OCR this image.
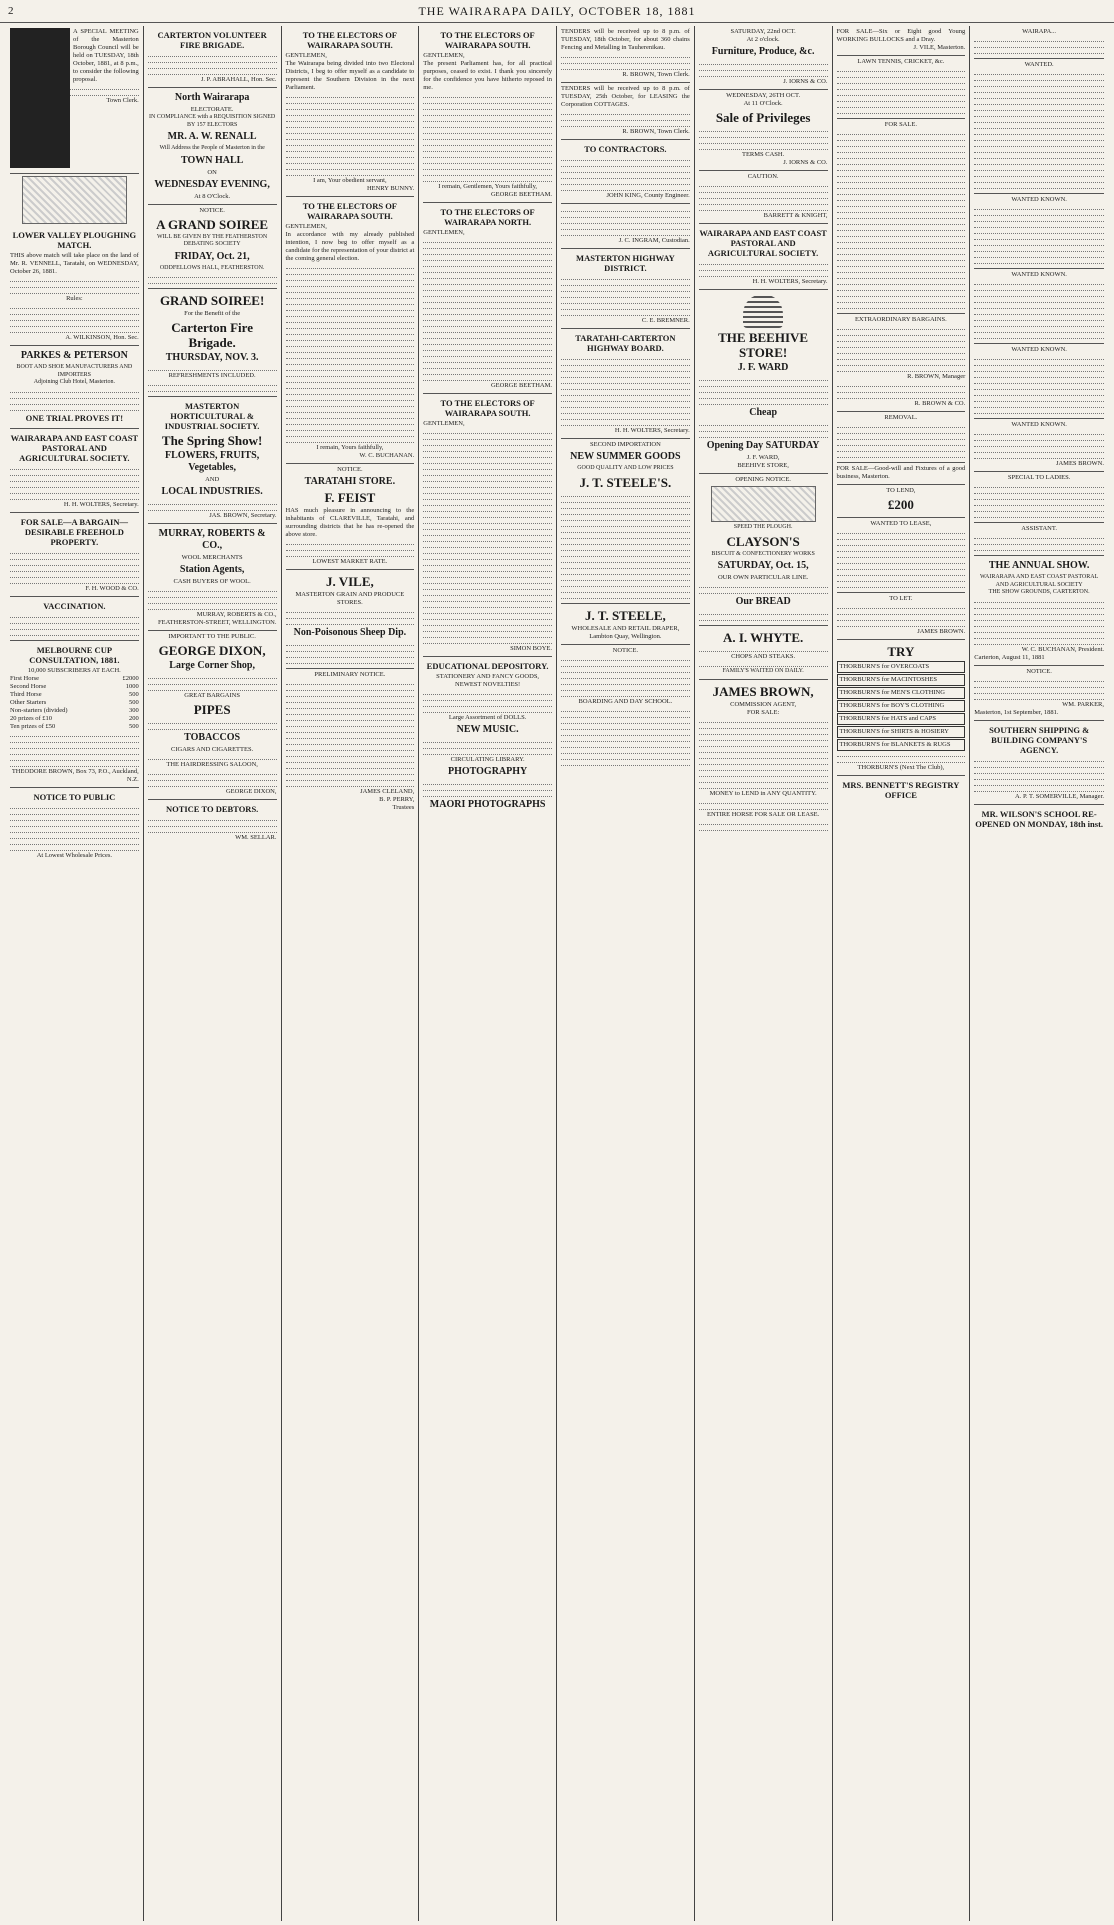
2	THE WAIRARAPA DAILY, OCTOBER 18, 1881
A SPECIAL MEETING of the Masterton Borough Council will be held on TUESDAY, 18th October, 1881, at 8 p.m., to consider the following proposal.
Town Clerk.
LOWER VALLEY PLOUGHING MATCH.
THIS above match will take place on the land of Mr. R. VENNELL, Taratahi, on WEDNESDAY, October 26, 1881.
Rules:
A. WILKINSON, Hon. Sec.
PARKES & PETERSON
BOOT AND SHOE MANUFACTURERS AND IMPORTERS
Adjoining Club Hotel, Masterton.
ONE TRIAL PROVES IT!
WAIRARAPA AND EAST COAST PASTORAL AND AGRICULTURAL SOCIETY.
H. H. WOLTERS, Secretary.
FOR SALE—A BARGAIN—DESIRABLE FREEHOLD PROPERTY.
F. H. WOOD & CO.
VACCINATION.
MELBOURNE CUP CONSULTATION, 1881.
10,000 SUBSCRIBERS AT EACH.
First Horse	£2000
Second Horse	1000
Third Horse	500
Other Starters	500
Non-starters (divided)	300
20 prizes of £10	200
Ten prizes of £50	500
THEODORE BROWN, Box 73, P.O., Auckland, N.Z.
NOTICE TO PUBLIC
At Lowest Wholesale Prices.
CARTERTON VOLUNTEER FIRE BRIGADE.
J. P. ABRAHALL, Hon. Sec.
North Wairarapa
ELECTORATE.
IN COMPLIANCE with a REQUISITION SIGNED BY 157 ELECTORS
MR. A. W. RENALL
Will Address the People of Masterton in the
TOWN HALL
ON
WEDNESDAY EVENING,
At 8 O'Clock.
NOTICE.
A GRAND SOIREE
WILL BE GIVEN BY THE FEATHERSTON DEBATING SOCIETY
FRIDAY, Oct. 21,
ODDFELLOWS HALL, FEATHERSTON.
GRAND SOIREE!
For the Benefit of the
Carterton Fire Brigade.
THURSDAY, NOV. 3.
REFRESHMENTS INCLUDED.
MASTERTON HORTICULTURAL & INDUSTRIAL SOCIETY.
The Spring Show!
FLOWERS, FRUITS, Vegetables,
AND
LOCAL INDUSTRIES.
JAS. BROWN, Secretary.
MURRAY, ROBERTS & CO.,
WOOL MERCHANTS
Station Agents,
CASH BUYERS OF WOOL.
MURRAY, ROBERTS & CO., FEATHERSTON-STREET, WELLINGTON.
IMPORTANT TO THE PUBLIC.
GEORGE DIXON,
Large Corner Shop,
GREAT BARGAINS
PIPES
TOBACCOS
CIGARS AND CIGARETTES.
THE HAIRDRESSING SALOON,
GEORGE DIXON,
NOTICE TO DEBTORS.
WM. SELLAR.
TO THE ELECTORS OF WAIRARAPA SOUTH.
GENTLEMEN,
The Wairarapa being divided into two Electoral Districts, I beg to offer myself as a candidate to represent the Southern Division in the next Parliament.
I am, Your obedient servant,
HENRY BUNNY.
TO THE ELECTORS OF WAIRARAPA SOUTH.
GENTLEMEN,
In accordance with my already published intention, I now beg to offer myself as a candidate for the representation of your district at the coming general election.
I remain, Yours faithfully,
W. C. BUCHANAN.
NOTICE.
TARATAHI STORE.
F. FEIST
HAS much pleasure in announcing to the inhabitants of CLAREVILLE, Taratahi, and surrounding districts that he has re-opened the above store.
LOWEST MARKET RATE.
J. VILE,
MASTERTON GRAIN AND PRODUCE STORES.
Non-Poisonous Sheep Dip.
PRELIMINARY NOTICE.
JAMES CLELAND,
B. P. PERRY,
Trustees
TO THE ELECTORS OF WAIRARAPA SOUTH.
GENTLEMEN,
The present Parliament has, for all practical purposes, ceased to exist. I thank you sincerely for the confidence you have hitherto reposed in me.
I remain, Gentlemen, Yours faithfully,
GEORGE BEETHAM.
TO THE ELECTORS OF WAIRARAPA NORTH.
GENTLEMEN,
GEORGE BEETHAM.
TO THE ELECTORS OF WAIRARAPA SOUTH.
GENTLEMEN,
SIMON BOYE.
EDUCATIONAL DEPOSITORY.
STATIONERY AND FANCY GOODS,
NEWEST NOVELTIES!
Large Assortment of DOLLS.
NEW MUSIC.
CIRCULATING LIBRARY.
PHOTOGRAPHY
MAORI PHOTOGRAPHS
TENDERS will be received up to 8 p.m. of TUESDAY, 18th October, for about 360 chains Fencing and Metalling in Tauherenikau.
R. BROWN, Town Clerk.
TENDERS will be received up to 8 p.m. of TUESDAY, 25th October, for LEASING the Corporation COTTAGES.
R. BROWN, Town Clerk.
TO CONTRACTORS.
JOHN KING, County Engineer.
J. C. INGRAM, Custodian.
MASTERTON HIGHWAY DISTRICT.
C. E. BREMNER.
TARATAHI-CARTERTON HIGHWAY BOARD.
H. H. WOLTERS, Secretary.
SECOND IMPORTATION
NEW SUMMER GOODS
GOOD QUALITY AND LOW PRICES
J. T. STEELE'S.
J. T. STEELE,
WHOLESALE AND RETAIL DRAPER,
Lambton Quay, Wellington.
NOTICE.
BOARDING AND DAY SCHOOL.
SATURDAY, 22nd OCT.
At 2 o'clock.
Furniture, Produce, &c.
J. IORNS & CO.
WEDNESDAY, 26TH OCT.
At 11 O'Clock.
Sale of Privileges
TERMS CASH.
J. IORNS & CO.
CAUTION.
BARRETT & KNIGHT,
WAIRARAPA AND EAST COAST PASTORAL AND AGRICULTURAL SOCIETY.
H. H. WOLTERS, Secretary.
THE BEEHIVE STORE!
J. F. WARD
Cheap
Opening Day SATURDAY
J. F. WARD,
BEEHIVE STORE,
OPENING NOTICE.
SPEED THE PLOUGH.
CLAYSON'S
BISCUIT & CONFECTIONERY WORKS
SATURDAY, Oct. 15,
OUR OWN PARTICULAR LINE.
Our BREAD
A. I. WHYTE.
CHOPS AND STEAKS.
FAMILY'S WAITED ON DAILY.
JAMES BROWN,
COMMISSION AGENT,
FOR SALE:
MONEY to LEND in ANY QUANTITY.
ENTIRE HORSE FOR SALE OR LEASE.
FOR SALE—Six or Eight good Young WORKING BULLOCKS and a Dray.
J. VILE, Masterton.
LAWN TENNIS, CRICKET, &c.
FOR SALE.
EXTRAORDINARY BARGAINS.
R. BROWN, Manager
R. BROWN & CO.
REMOVAL.
FOR SALE—Good-will and Fixtures of a good business, Masterton.
TO LEND,
£200
WANTED TO LEASE,
TO LET.
JAMES BROWN.
TRY
THORBURN'S for OVERCOATS
THORBURN'S for MACINTOSHES
THORBURN'S for MEN'S CLOTHING
THORBURN'S for BOY'S CLOTHING
THORBURN'S for HATS and CAPS
THORBURN'S for SHIRTS & HOSIERY
THORBURN'S for BLANKETS & RUGS
THORBURN'S (Next The Club),
MRS. BENNETT'S REGISTRY OFFICE
WAIRAPA...
WANTED.
WANTED KNOWN.
WANTED KNOWN.
WANTED KNOWN.
WANTED KNOWN.
JAMES BROWN.
SPECIAL TO LADIES.
ASSISTANT.
THE ANNUAL SHOW.
WAIRARAPA AND EAST COAST PASTORAL AND AGRICULTURAL SOCIETY
THE SHOW GROUNDS, CARTERTON.
W. C. BUCHANAN, President.
Carterton, August 11, 1881
NOTICE.
WM. PARKER,
Masterton, 1st September, 1881.
SOUTHERN SHIPPING & BUILDING COMPANY'S AGENCY.
A. P. T. SOMERVILLE, Manager.
MR. WILSON'S SCHOOL RE-OPENED ON MONDAY, 18th inst.
